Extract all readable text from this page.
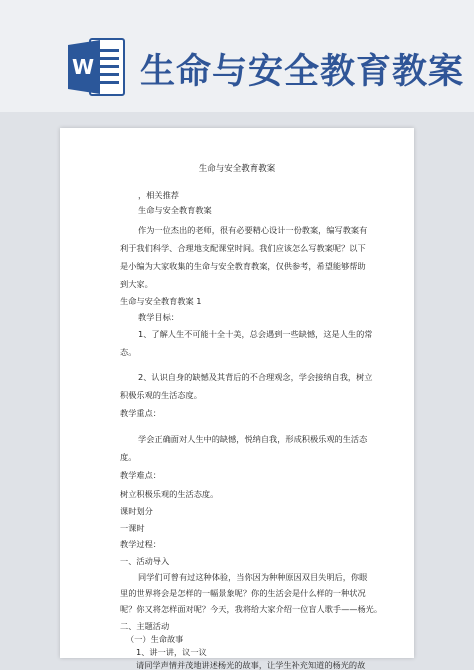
W 生命与安全教育教案
生命与安全教育教案
，相关推荐
生命与安全教育教案
作为一位杰出的老师，很有必要精心设计一份教案，编写教案有
利于我们科学、合理地支配课堂时间。我们应该怎么写教案呢？以下
是小编为大家收集的生命与安全教育教案，仅供参考，希望能够帮助
到大家。
生命与安全教育教案 1
教学目标：
1、了解人生不可能十全十美，总会遇到一些缺憾，这是人生的常
态。
2、认识自身的缺憾及其背后的不合理观念，学会接纳自我，树立
积极乐观的生活态度。
教学重点：
学会正确面对人生中的缺憾，悦纳自我，形成积极乐观的生活态
度。
教学难点：
树立积极乐观的生活态度。
课时划分
一课时
教学过程：
一、活动导入
同学们可曾有过这种体验，当你因为种种原因双目失明后，你眼
里的世界将会是怎样的一幅景象呢？你的生活会是什么样的一种状况
呢？你又将怎样面对呢？今天，我将给大家介绍一位盲人歌手——杨光。
二、主题活动
（一）生命故事
1、讲一讲，议一议
请同学声情并茂地讲述杨光的故事，让学生补充知道的杨光的故
